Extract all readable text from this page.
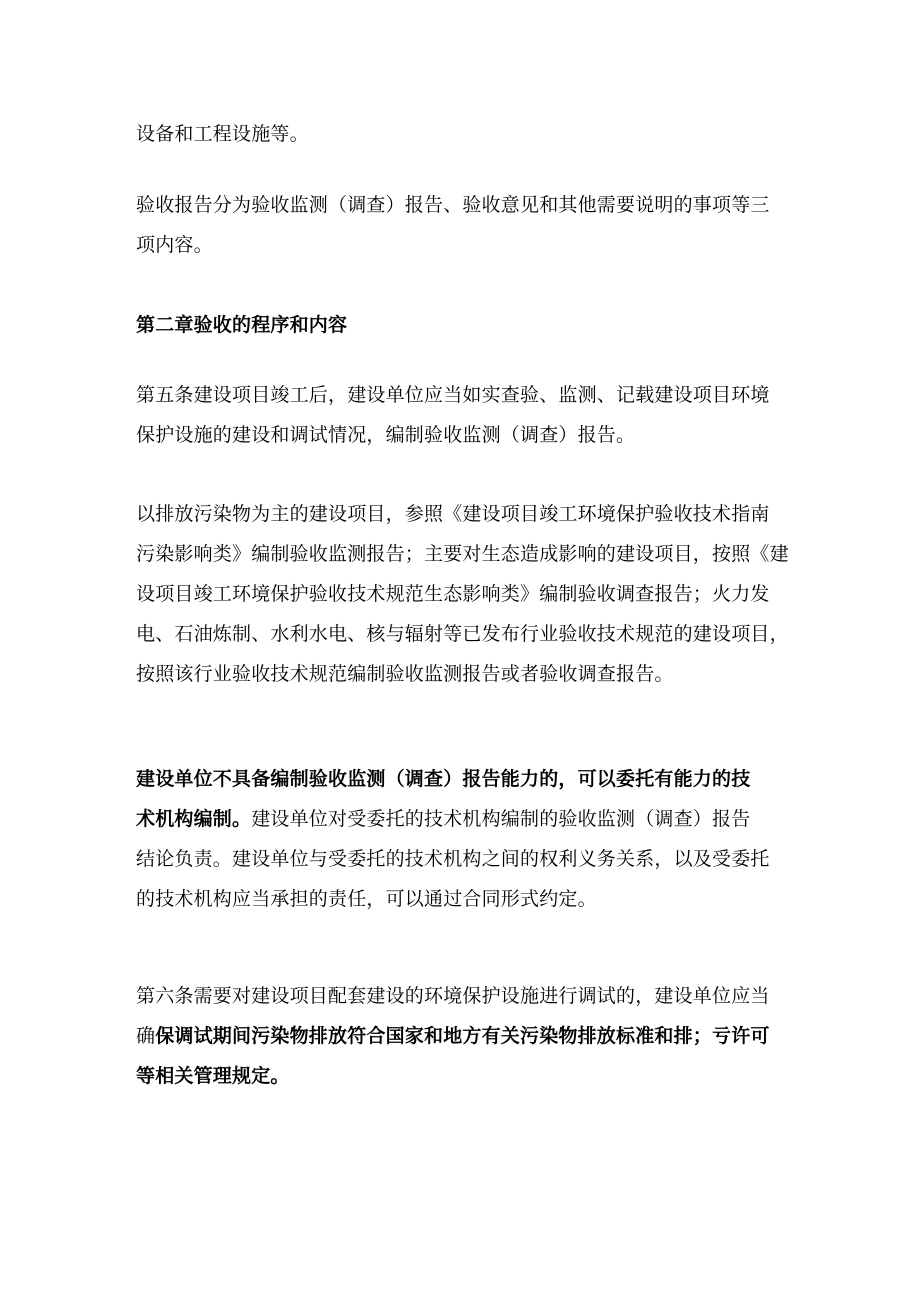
设备和工程设施等。

验收报告分为验收监测（调查）报告、验收意见和其他需要说明的事项等三
项内容。

第二章验收的程序和内容

第五条建设项目竣工后，建设单位应当如实查验、监测、记载建设项目环境
保护设施的建设和调试情况，编制验收监测（调查）报告。

以排放污染物为主的建设项目，参照《建设项目竣工环境保护验收技术指南
污染影响类》编制验收监测报告；主要对生态造成影响的建设项目，按照《建
设项目竣工环境保护验收技术规范生态影响类》编制验收调查报告；火力发
电、石油炼制、水利水电、核与辐射等已发布行业验收技术规范的建设项目，
按照该行业验收技术规范编制验收监测报告或者验收调查报告。

建设单位不具备编制验收监测（调查）报告能力的，可以委托有能力的技
术机构编制。建设单位对受委托的技术机构编制的验收监测（调查）报告
结论负责。建设单位与受委托的技术机构之间的权利义务关系，以及受委托
的技术机构应当承担的责任，可以通过合同形式约定。

第六条需要对建设项目配套建设的环境保护设施进行调试的，建设单位应当
确保调试期间污染物排放符合国家和地方有关污染物排放标准和排；亏许可
等相关管理规定。
